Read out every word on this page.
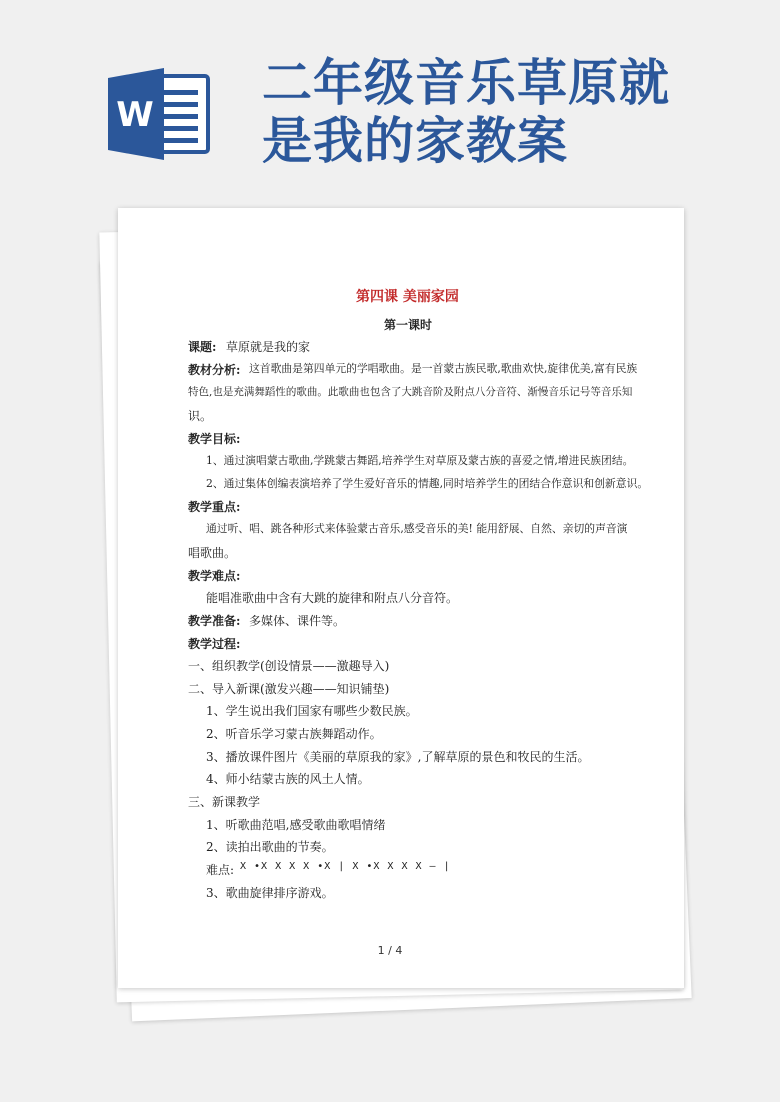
W
二年级音乐草原就
是我的家教案
第四课 美丽家园
第一课时
课题: 草原就是我的家
教材分析: 这首歌曲是第四单元的学唱歌曲。是一首蒙古族民歌,歌曲欢快,旋律优美,富有民族
特色,也是充满舞蹈性的歌曲。此歌曲也包含了大跳音阶及附点八分音符、渐慢音乐记号等音乐知
识。
教学目标:
1、通过演唱蒙古歌曲,学跳蒙古舞蹈,培养学生对草原及蒙古族的喜爱之情,增进民族团结。
2、通过集体创编表演培养了学生爱好音乐的情趣,同时培养学生的团结合作意识和创新意识。
教学重点:
通过听、唱、跳各种形式来体验蒙古音乐,感受音乐的美! 能用舒展、自然、亲切的声音演
唱歌曲。
教学难点:
能唱准歌曲中含有大跳的旋律和附点八分音符。
教学准备: 多媒体、课件等。
教学过程:
一、组织教学(创设情景——激趣导入)
二、导入新课(激发兴趣——知识铺垫)
1、学生说出我们国家有哪些少数民族。
2、听音乐学习蒙古族舞蹈动作。
3、播放课件图片《美丽的草原我的家》,了解草原的景色和牧民的生活。
4、师小结蒙古族的风土人情。
三、新课教学
1、听歌曲范唱,感受歌曲歌唱情绪
2、读拍出歌曲的节奏。
难点: X •X X X X •X | X •X X X X – |
3、歌曲旋律排序游戏。
1 / 4
